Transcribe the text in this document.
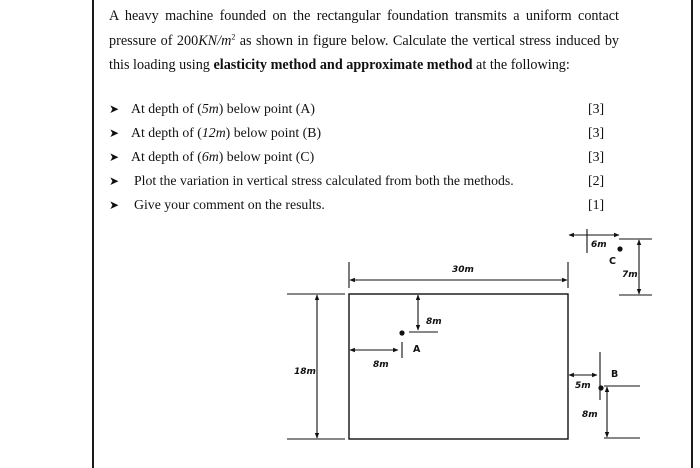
A heavy machine founded on the rectangular foundation transmits a uniform contact pressure of $200KN/m^2$ as shown in figure below. Calculate the vertical stress induced by this loading using elasticity method and approximate method at the following:
➤ At depth of (5m) below point (A)	[3]
➤ At depth of (12m) below point (B)	[3]
➤ At depth of (6m) below point (C)	[3]
➤ Plot the variation in vertical stress calculated from both the methods.	[2]
➤ Give your comment on the results.	[1]
30m
18m
8m
8m
A
6m
7m
C
5m
8m
B
